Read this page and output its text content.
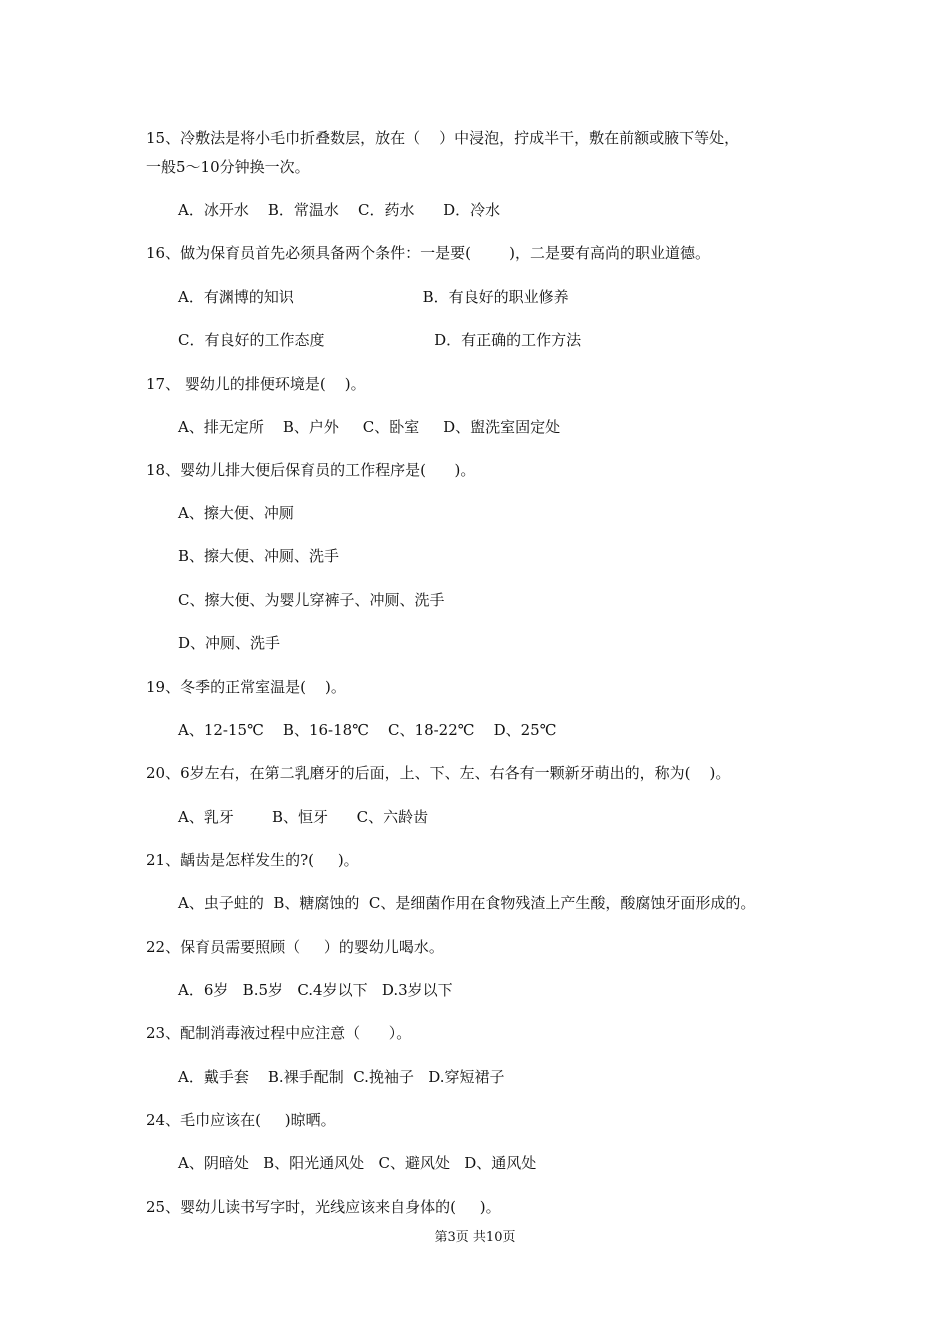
15、冷敷法是将小毛巾折叠数层，放在（    ）中浸泡，拧成半干，敷在前额或腋下等处，
一般5～10分钟换一次。
A．冰开水    B．常温水    C．药水      D．冷水
16、做为保育员首先必须具备两个条件：一是要(        )，二是要有高尚的职业道德。
A．有渊博的知识                           B．有良好的职业修养
C．有良好的工作态度                       D．有正确的工作方法
17、 婴幼儿的排便环境是(    )。
A、排无定所    B、户外     C、卧室     D、盥洗室固定处
18、婴幼儿排大便后保育员的工作程序是(      )。
A、擦大便、冲厕
B、擦大便、冲厕、洗手
C、擦大便、为婴儿穿裤子、冲厕、洗手
D、冲厕、洗手
19、冬季的正常室温是(    )。
A、12-15℃    B、16-18℃    C、18-22℃    D、25℃
20、6岁左右，在第二乳磨牙的后面，上、下、左、右各有一颗新牙萌出的，称为(    )。
A、乳牙        B、恒牙      C、六龄齿
21、龋齿是怎样发生的?(     )。
A、虫子蛀的  B、糖腐蚀的  C、是细菌作用在食物残渣上产生酸，酸腐蚀牙面形成的。
22、保育员需要照顾（     ）的婴幼儿喝水。
A．6岁   B.5岁   C.4岁以下   D.3岁以下
23、配制消毒液过程中应注意（      ）。
A．戴手套    B.裸手配制  C.挽袖子   D.穿短裙子
24、毛巾应该在(     )晾晒。
A、阴暗处   B、阳光通风处   C、避风处   D、通风处
25、婴幼儿读书写字时，光线应该来自身体的(     )。
第3页 共10页
